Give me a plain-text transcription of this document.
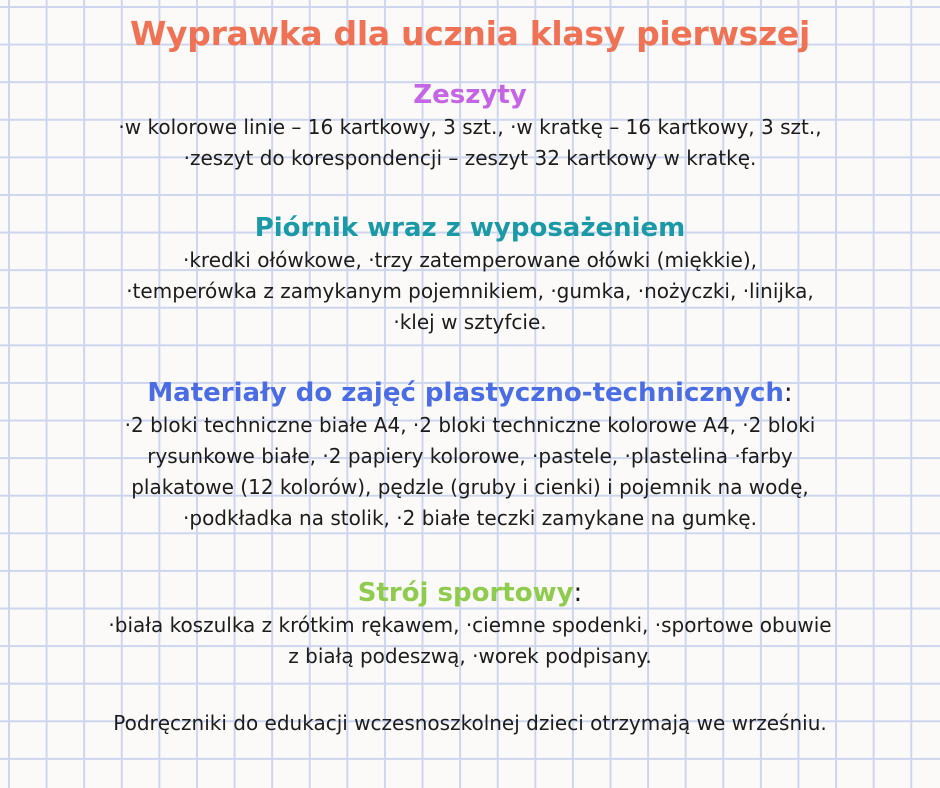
Wyprawka dla ucznia klasy pierwszej
Zeszyty
·w kolorowe linie – 16 kartkowy, 3 szt., ·w kratkę – 16 kartkowy, 3 szt.,
·zeszyt do korespondencji – zeszyt 32 kartkowy w kratkę.
Piórnik wraz z wyposażeniem
·kredki ołówkowe, ·trzy zatemperowane ołówki (miękkie),
·temperówka z zamykanym pojemnikiem, ·gumka, ·nożyczki, ·linijka,
·klej w sztyfcie.
Materiały do zajęć plastyczno-technicznych:
·2 bloki techniczne białe A4, ·2 bloki techniczne kolorowe A4, ·2 bloki
rysunkowe białe, ·2 papiery kolorowe, ·pastele, ·plastelina ·farby
plakatowe (12 kolorów), pędzle (gruby i cienki) i pojemnik na wodę,
·podkładka na stolik, ·2 białe teczki zamykane na gumkę.
Strój sportowy:
·biała koszulka z krótkim rękawem, ·ciemne spodenki, ·sportowe obuwie
z białą podeszwą, ·worek podpisany.
Podręczniki do edukacji wczesnoszkolnej dzieci otrzymają we wrześniu.
